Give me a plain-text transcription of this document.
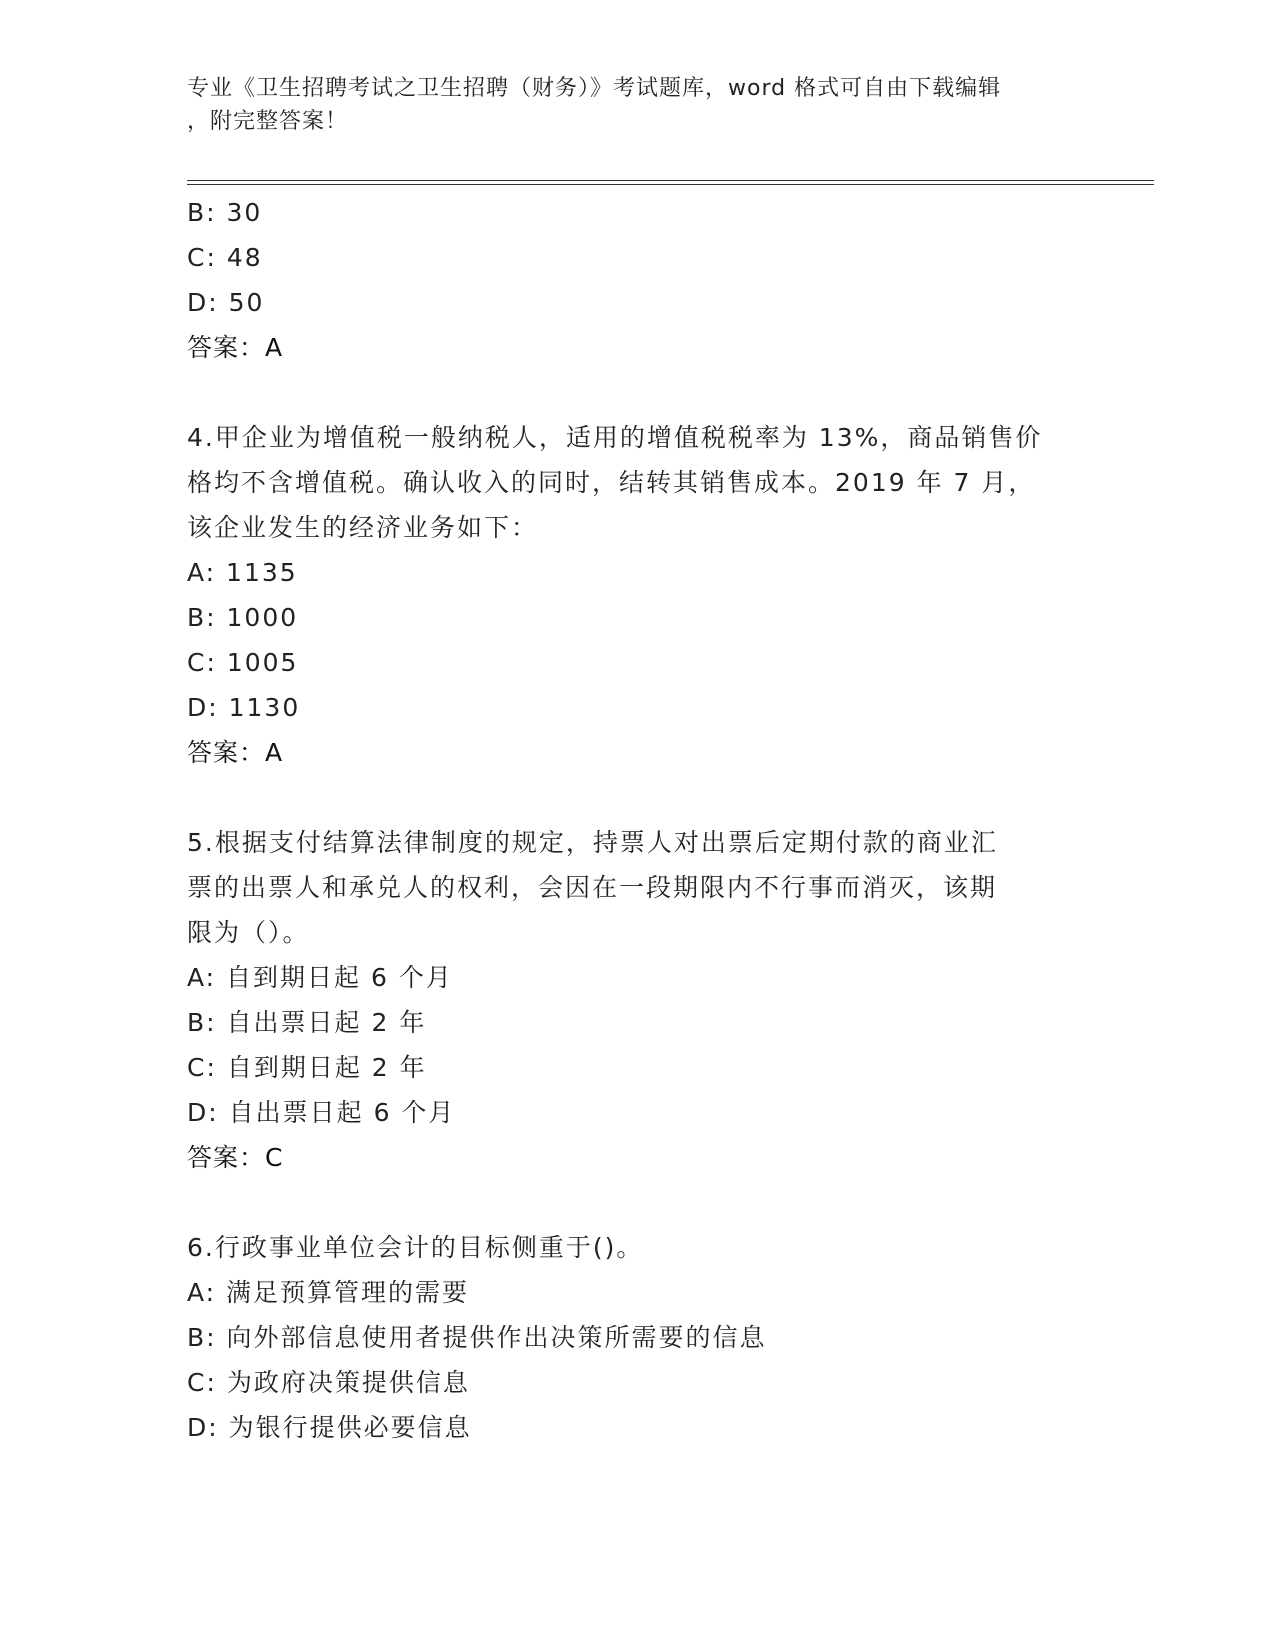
专业《卫生招聘考试之卫生招聘（财务）》考试题库，word 格式可自由下载编辑
，附完整答案！
B: 30
C: 48
D: 50
答案：A
4.甲企业为增值税一般纳税人，适用的增值税税率为 13%，商品销售价
格均不含增值税。确认收入的同时，结转其销售成本。2019 年 7 月，
该企业发生的经济业务如下：
A: 1135
B: 1000
C: 1005
D: 1130
答案：A
5.根据支付结算法律制度的规定，持票人对出票后定期付款的商业汇
票的出票人和承兑人的权利，会因在一段期限内不行事而消灭，该期
限为（）。
A: 自到期日起 6 个月
B: 自出票日起 2 年
C: 自到期日起 2 年
D: 自出票日起 6 个月
答案：C
6.行政事业单位会计的目标侧重于()。
A: 满足预算管理的需要
B: 向外部信息使用者提供作出决策所需要的信息
C: 为政府决策提供信息
D: 为银行提供必要信息
